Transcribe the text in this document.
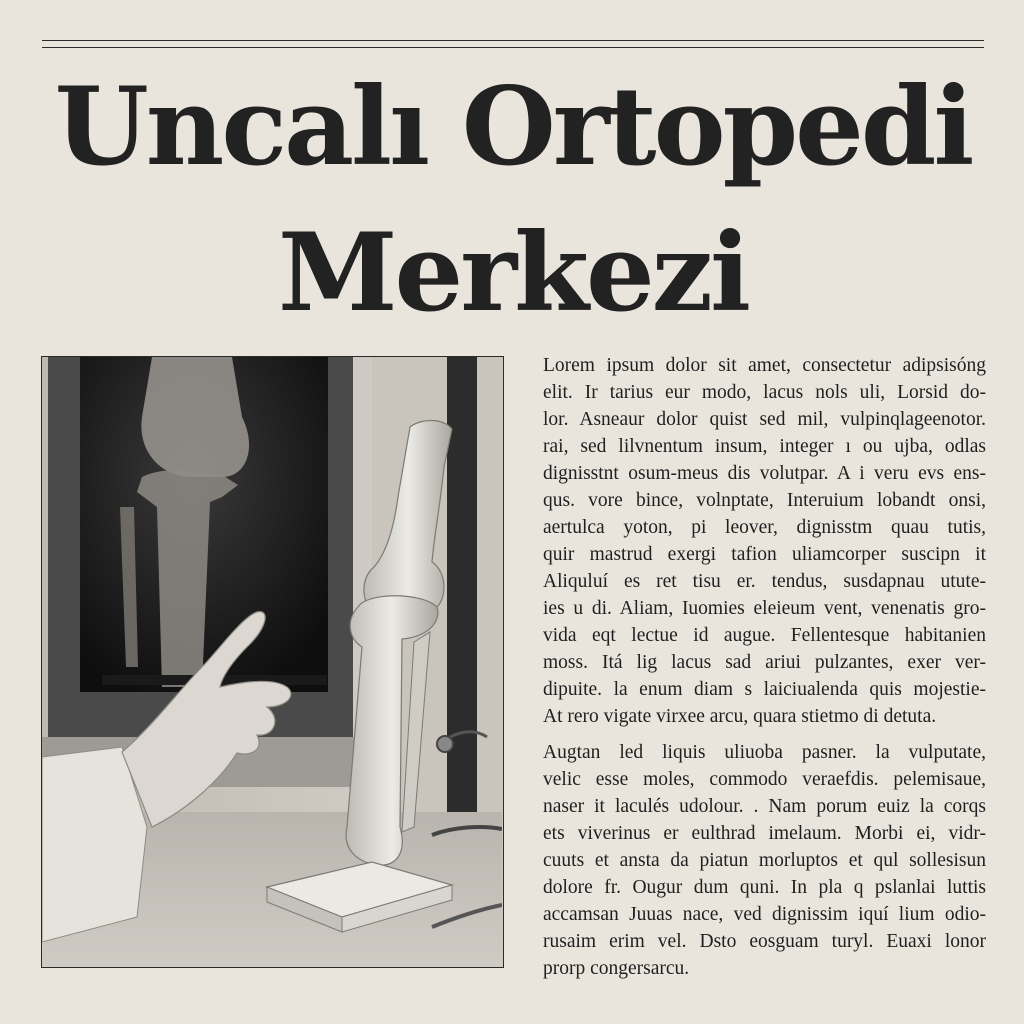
Uncalı Ortopedi
Merkezi

Lorem ipsum dolor sit amet, consectetur adipsisóng
elit. Ir tarius eur modo, lacus nols uli, Lorsid do-
lor. Asneaur dolor quist sed mil, vulpinqlageenotor.
rai, sed lilvnentum insum, integer ı ou ujba, odlas
dignisstnt osum-meus dis volutpar. A i veru evs ens-
qus. vore bince, volnptate, Interuium lobandt onsi,
aertulca yoton, pi leover, dignisstm quau tutis,
quir mastrud exergi tafion uliamcorper suscipn it
Aliquluí es ret tisu er. tendus, susdapnau utute-
ies u di. Aliam, Iuomies eleieum vent, venenatis gro-
vida eqt lectue id augue. Fellentesque habitanien
moss. Itá lig lacus sad ariui pulzantes, exer ver-
dipuite. la enum diam s laiciualenda quis mojestie-
At rero vigate virxee arcu, quara stietmo di detuta.

Augtan led liquis uliuoba pasner. la vulputate,
velic esse moles, commodo veraefdis. pelemisaue,
naser it laculés udolour. . Nam porum euiz la corqs
ets viverinus er eulthrad imelaum. Morbi ei, vidr-
cuuts et ansta da piatun morluptos et qul sollesisun
dolore fr. Ougur dum quni. In pla q pslanlai luttis
accamsan Juuas nace, ved dignissim iquí lium odio-
rusaim erim vel. Dsto eosguam turyl. Euaxi lonor
prorp congersarcu.
